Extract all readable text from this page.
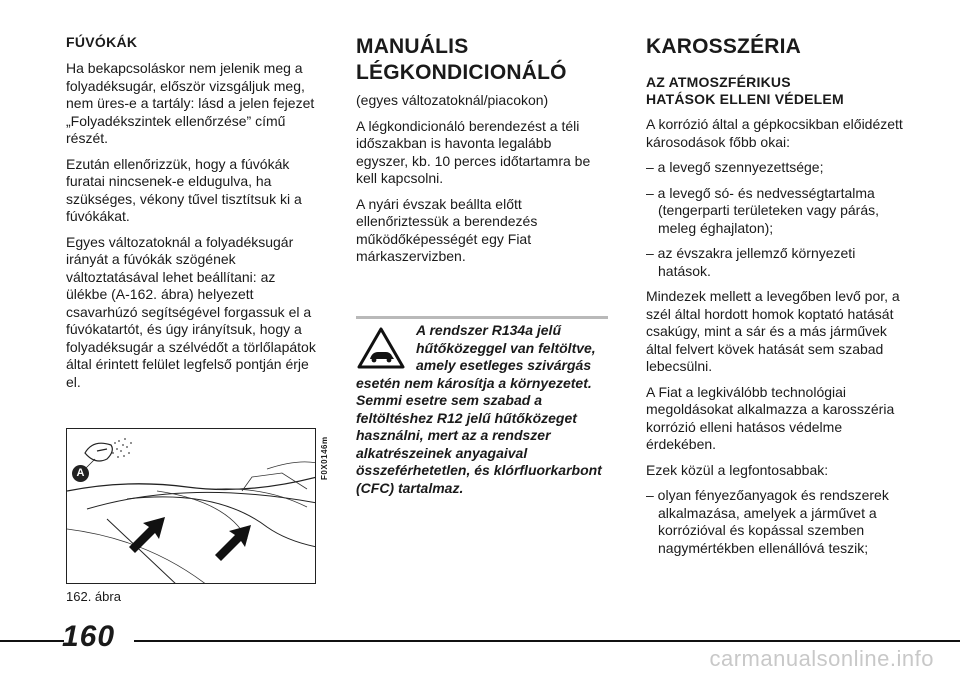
FÚVÓKÁK

Ha bekapcsoláskor nem jelenik meg a folyadéksugár, először vizsgáljuk meg, nem üres-e a tartály: lásd a jelen fejezet „Folyadékszintek ellenőrzése” című részét.

Ezután ellenőrizzük, hogy a fúvókák furatai nincsenek-e eldugulva, ha szükséges, vékony tűvel tisztítsuk ki a fúvókákat.

Egyes változatoknál a folyadéksugár irányát a fúvókák szögének változtatásával lehet beállítani: az ülékbe (A-162. ábra) helyezett csavarhúzó segítségével forgassuk el a fúvókatartót, és úgy irányítsuk, hogy a folyadéksugár a szélvédőt a törlőlapátok által érintett felület legfelső pontján érje el.

A	F0X0146m
162. ábra
MANUÁLIS
LÉGKONDICIONÁLÓ

(egyes változatoknál/piacokon)

A légkondicionáló berendezést a téli időszakban is havonta legalább egyszer, kb. 10 perces időtartamra be kell kapcsolni.

A nyári évszak beállta előtt ellenőriztessük a berendezés működőképességét egy Fiat márkaszervizben.

A rendszer R134a jelű hűtőközeggel van feltöltve, amely esetleges szivárgás esetén nem károsítja a környezetet. Semmi esetre sem szabad a feltöltéshez R12 jelű hűtőközeget használni, mert az a rendszer alkatrészeinek anyagaival összeférhetetlen, és klórfluorkarbont (CFC) tartalmaz.

KAROSSZÉRIA
AZ ATMOSZFÉRIKUS
HATÁSOK ELLENI VÉDELEM

A korrózió által a gépkocsikban előidézett károsodások főbb okai:

– a levegő szennyezettsége;

– a levegő só- és nedvességtartalma (tengerparti területeken vagy párás, meleg éghajlaton);

– az évszakra jellemző környezeti hatások.

Mindezek mellett a levegőben levő por, a szél által hordott homok koptató hatását csakúgy, mint a sár és a más járművek által felvert kövek hatását sem szabad lebecsülni.

A Fiat a legkiválóbb technológiai megoldásokat alkalmazza a karosszéria korrózió elleni hatásos védelme érdekében.

Ezek közül a legfontosabbak:

– olyan fényezőanyagok és rendszerek alkalmazása, amelyek a járművet a korrózióval és kopással szemben nagymértékben ellenállóvá teszik;

160
carmanualsonline.info
